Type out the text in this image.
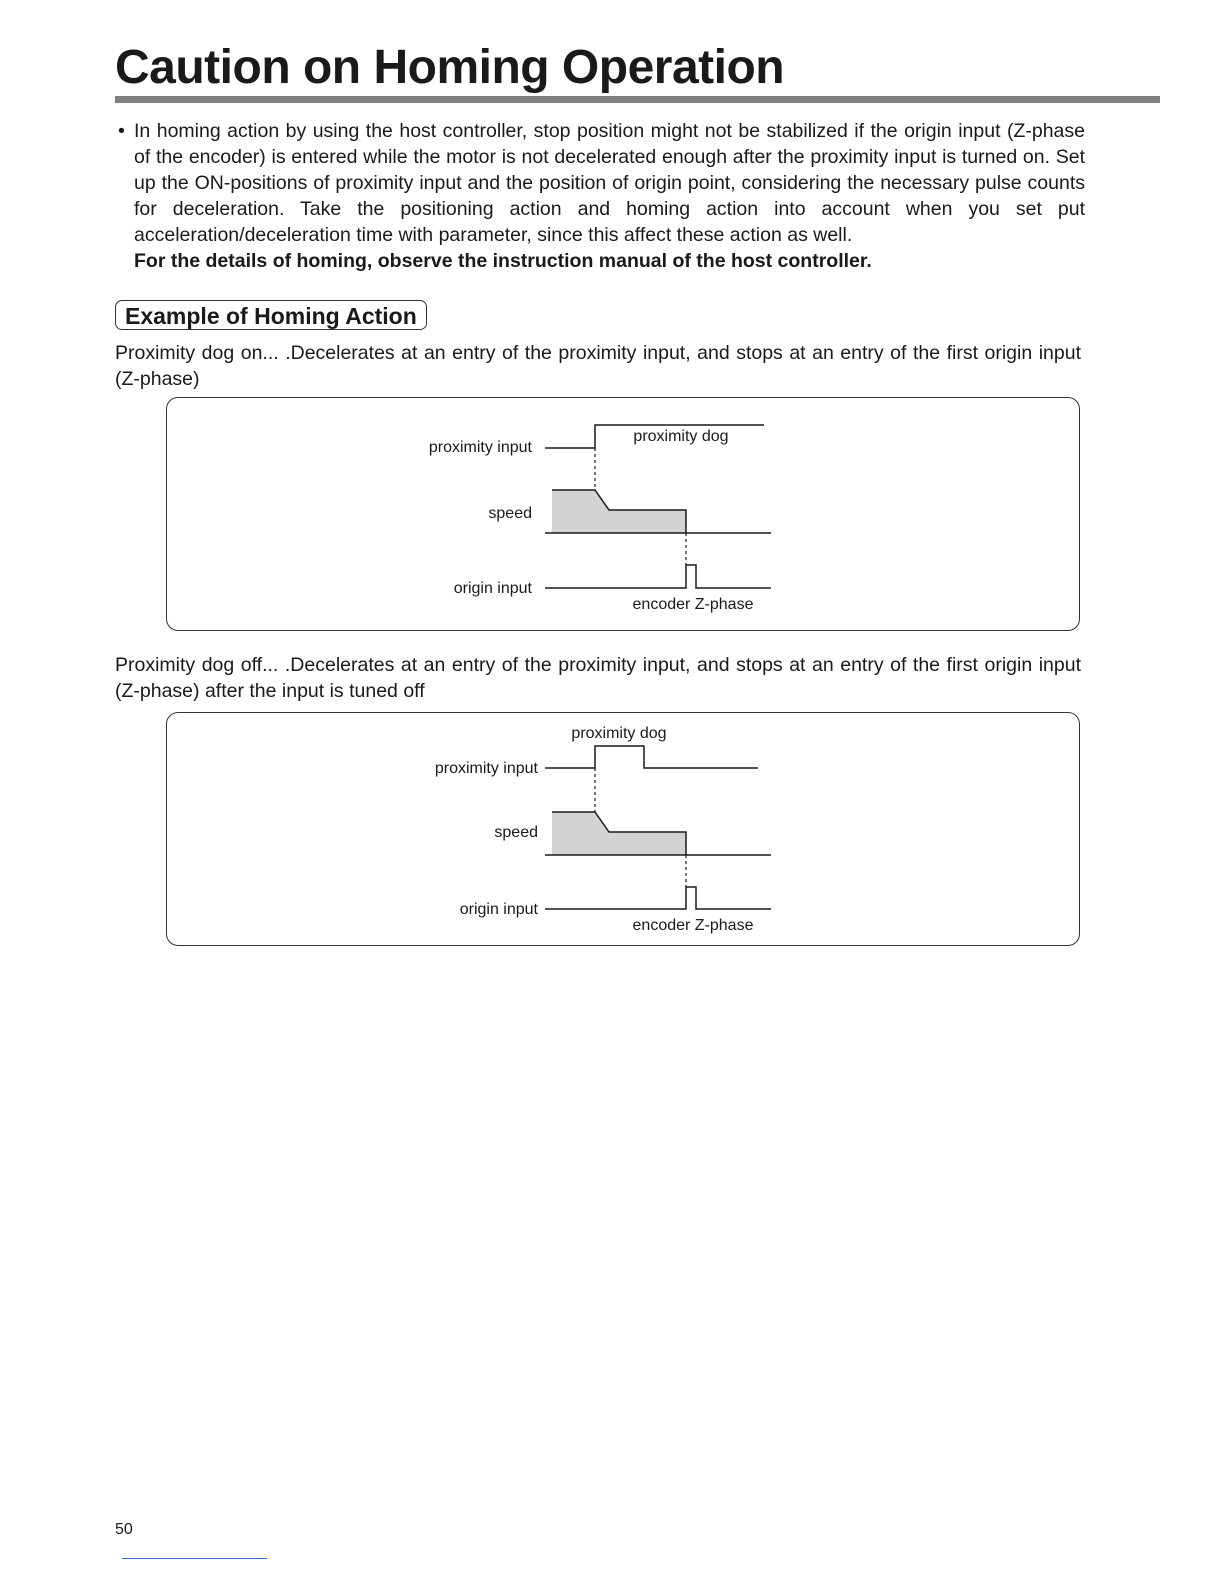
Caution on Homing Operation
• In homing action by using the host controller, stop position might not be stabilized if the origin input (Z-phase of the encoder) is entered while the motor is not decelerated enough after the proximity input is turned on. Set up the ON-positions of proximity input and the position of origin point, considering the necessary pulse counts for deceleration. Take the positioning action and homing action into account when you set put acceleration/deceleration time with parameter, since this affect these action as well.
For the details of homing, observe the instruction manual of the host controller.
Example of Homing Action
Proximity dog on... .Decelerates at an entry of the proximity input, and stops at an entry of the first origin input (Z-phase)
proximity input
proximity dog
speed
origin input
encoder Z-phase
Proximity dog off... .Decelerates at an entry of the proximity input, and stops at an entry of the first origin input (Z-phase) after the input is tuned off
proximity input
proximity dog
speed
origin input
encoder Z-phase
50
